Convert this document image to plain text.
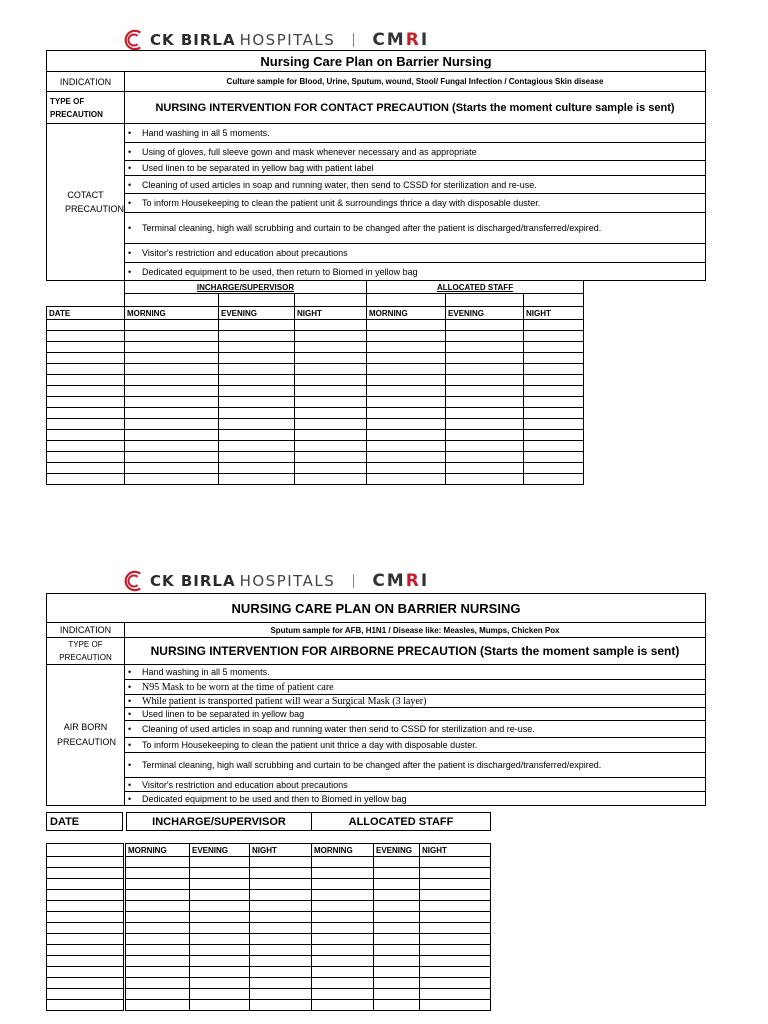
CK BIRLA HOSPITALS CMRI
Nursing Care Plan on Barrier Nursing	
INDICATION	Culture sample for Blood, Urine, Sputum, wound, Stool/ Fungal Infection / Contagious Skin disease
TYPE OF PRECAUTION	NURSING INTERVENTION FOR CONTACT PRECAUTION (Starts the moment culture sample is sent)
COTACT PRECAUTION	• Hand washing in all 5 moments.

	• Using of gloves, full sleeve gown and mask whenever necessary and as appropriate

	• Used linen to be separated in yellow bag with patient label

	• Cleaning of used articles in soap and running water, then send to CSSD for sterilization and re-use.

	• To inform Housekeeping to clean the patient unit & surroundings thrice a day with disposable duster.

	• Terminal cleaning, high wall scrubbing and curtain to be changed after the patient is discharged/transferred/expired.

	• Visitor's restriction and education about precautions

	• Dedicated equipment to be used, then return to Biomed in yellow bag
	INCHARGE/SUPERVISOR			ALLOCATED STAFF		

DATE	MORNING	EVENING	NIGHT	MORNING	EVENING	NIGHT

CK BIRLA HOSPITALS CMRI
NURSING CARE PLAN ON BARRIER NURSING	
INDICATION	Sputum sample for AFB, H1N1 / Disease like: Measles, Mumps, Chicken Pox
TYPE OF PRECAUTION	NURSING INTERVENTION FOR AIRBORNE PRECAUTION (Starts the moment sample is sent)
AIR BORN PRECAUTION	• Hand washing in all 5 moments.

	• N95 Mask to be worn at the time of patient care

	• While patient is transported patient will wear a Surgical Mask (3 layer)

	• Used linen to be separated in yellow bag

	• Cleaning of used articles in soap and running water then send to CSSD for sterilization and re-use.

	• To inform Housekeeping to clean the patient unit thrice a day with disposable duster.

	• Terminal cleaning, high wall scrubbing and curtain to be changed after the patient is discharged/transferred/expired.

	• Visitor's restriction and education about precautions

	• Dedicated equipment to be used and then to Biomed in yellow bag
DATE		INCHARGE/SUPERVISOR	ALLOCATED STAFF
		MORNING	EVENING	NIGHT	MORNING	EVENING	NIGHT
